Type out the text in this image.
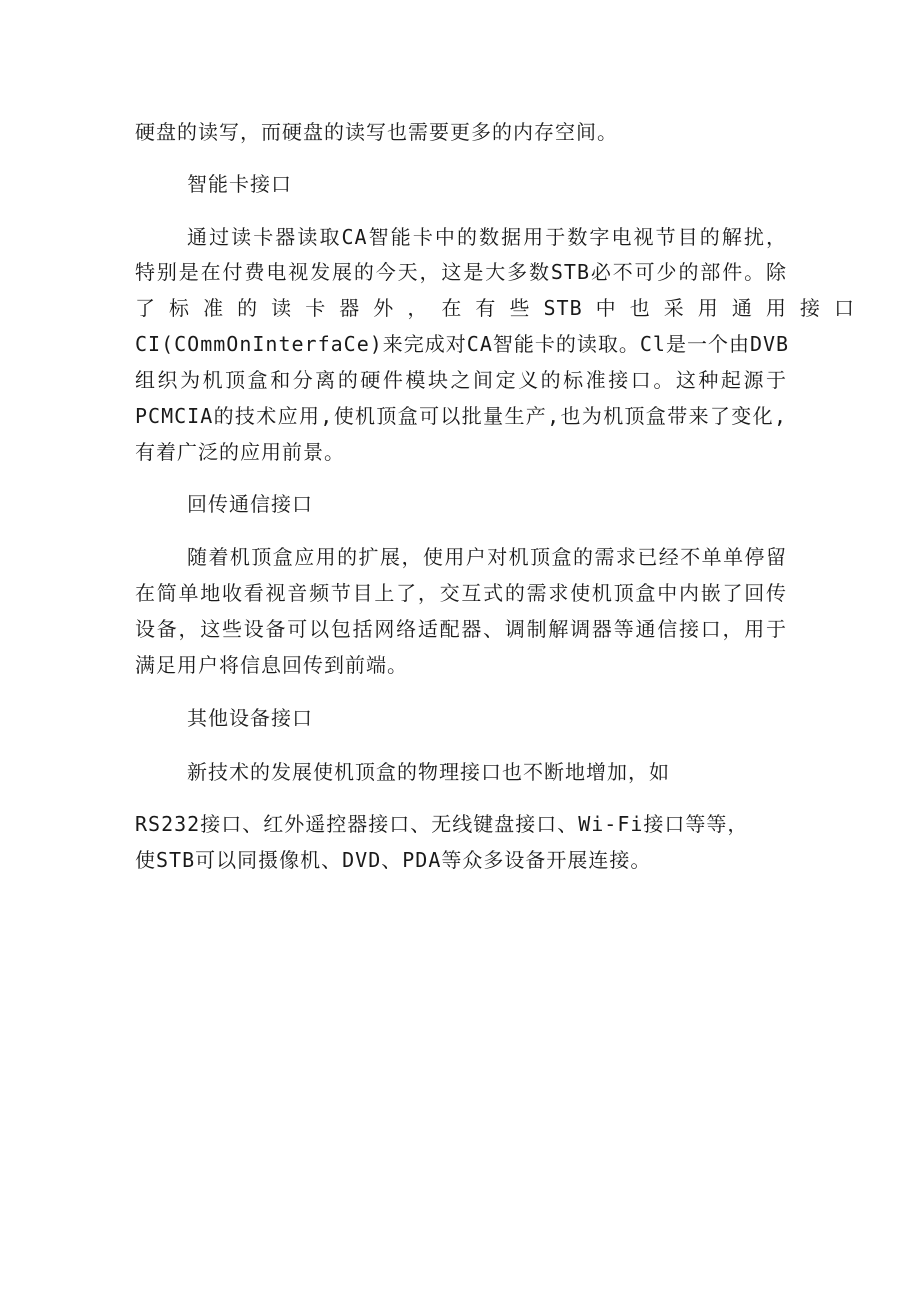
硬盘的读写，而硬盘的读写也需要更多的内存空间。
智能卡接口
通过读卡器读取CA智能卡中的数据用于数字电视节目的解扰，
特别是在付费电视发展的今天，这是大多数STB必不可少的部件。除
了 标 准 的 读 卡 器 外 ， 在 有 些 STB 中 也 采 用 通 用 接 口
CI(COmmOnInterfaCe)来完成对CA智能卡的读取。Cl是一个由DVB
组织为机顶盒和分离的硬件模块之间定义的标准接口。这种起源于
PCMCIA的技术应用,使机顶盒可以批量生产,也为机顶盒带来了变化,
有着广泛的应用前景。
回传通信接口
随着机顶盒应用的扩展，使用户对机顶盒的需求已经不单单停留
在简单地收看视音频节目上了，交互式的需求使机顶盒中内嵌了回传
设备，这些设备可以包括网络适配器、调制解调器等通信接口，用于
满足用户将信息回传到前端。
其他设备接口
新技术的发展使机顶盒的物理接口也不断地增加，如
RS232接口、红外遥控器接口、无线键盘接口、Wi-Fi接口等等，
使STB可以同摄像机、DVD、PDA等众多设备开展连接。
